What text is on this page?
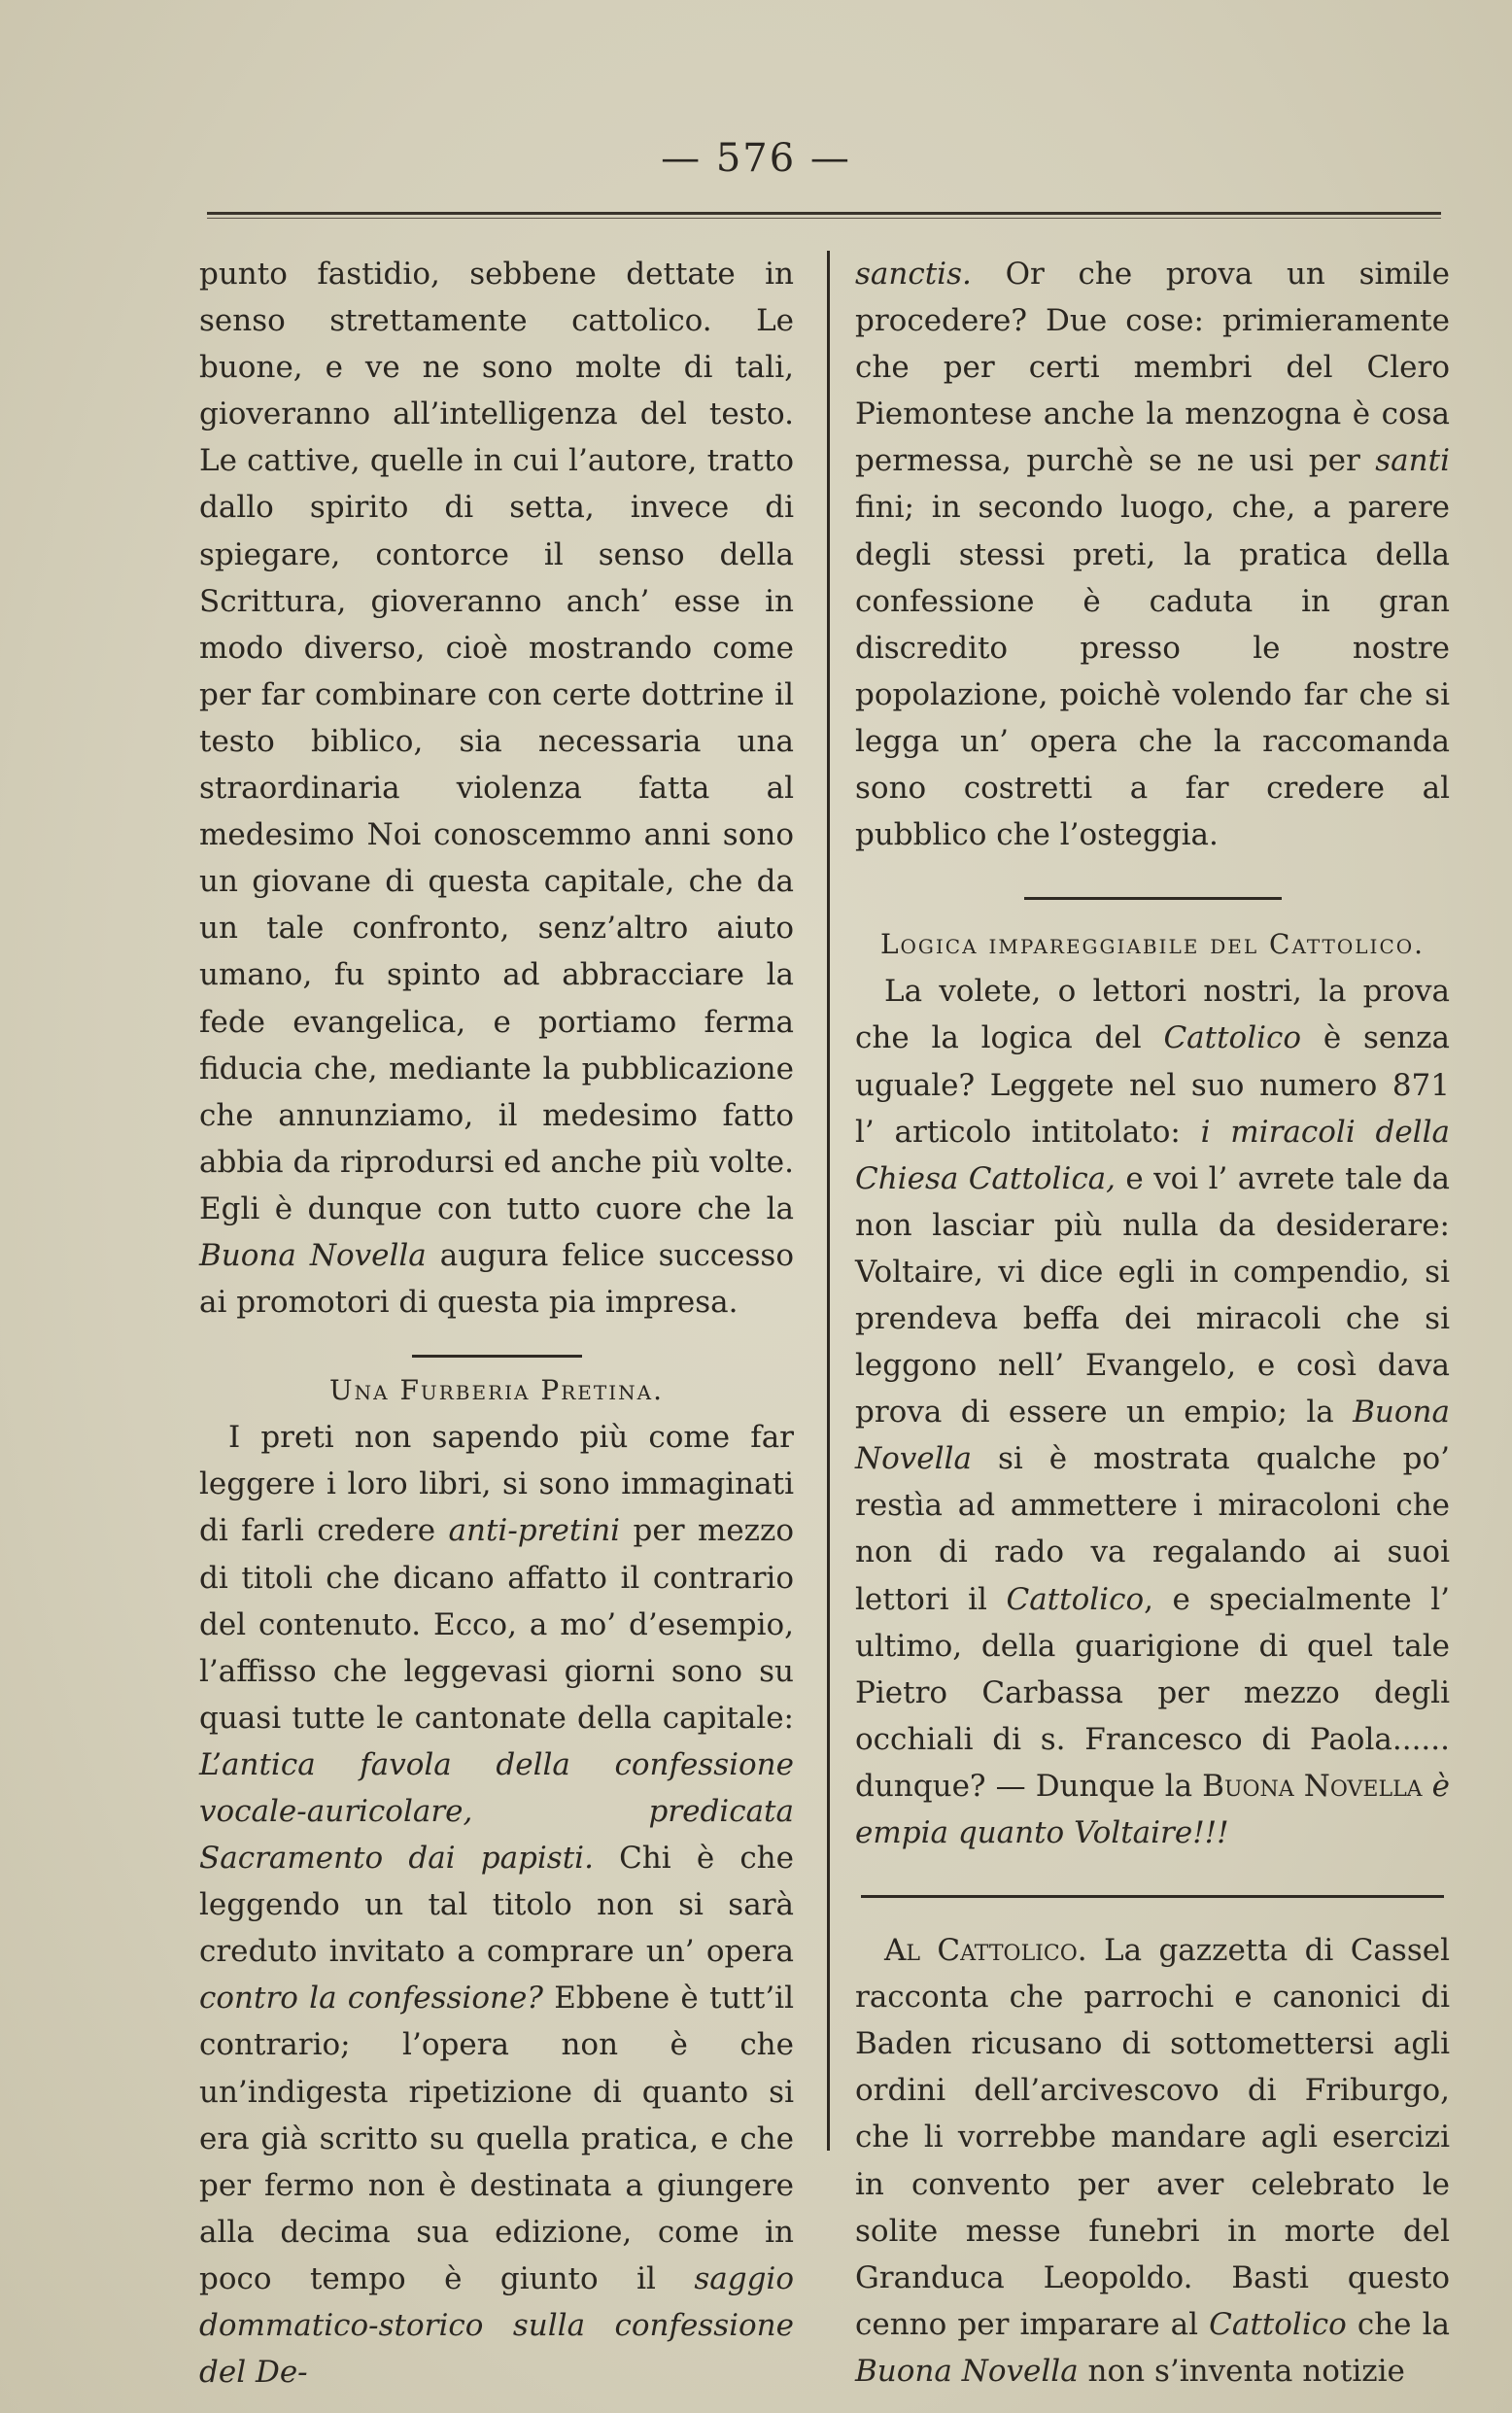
— 576 —

punto fastidio, sebbene dettate in senso strettamente cattolico. Le buone, e ve ne sono molte di tali, gioveranno all’intelligenza del testo. Le cattive, quelle in cui l’autore, tratto dallo spirito di setta, invece di spiegare, contorce il senso della Scrittura, gioveranno anch’ esse in modo diverso, cioè mostrando come per far combinare con certe dottrine il testo biblico, sia necessaria una straordinaria violenza fatta al medesimo Noi conoscemmo anni sono un giovane di questa capitale, che da un tale confronto, senz’altro aiuto umano, fu spinto ad abbracciare la fede evangelica, e portiamo ferma fiducia che, mediante la pubblicazione che annunziamo, il medesimo fatto abbia da riprodursi ed anche più volte. Egli è dunque con tutto cuore che la Buona Novella augura felice successo ai promotori di questa pia impresa.

Una Furberia Pretina.

I preti non sapendo più come far leggere i loro libri, si sono immaginati di farli credere anti-pretini per mezzo di titoli che dicano affatto il contrario del contenuto. Ecco, a mo’ d’esempio, l’affisso che leggevasi giorni sono su quasi tutte le cantonate della capitale: L’antica favola della confessione vocale-auricolare, predicata Sacramento dai papisti. Chi è che leggendo un tal titolo non si sarà creduto invitato a comprare un’ opera contro la confessione? Ebbene è tutt’il contrario; l’opera non è che un’indigesta ripetizione di quanto si era già scritto su quella pratica, e che per fermo non è destinata a giungere alla decima sua edizione, come in poco tempo è giunto il saggio dommatico-storico sulla confessione del De-

sanctis. Or che prova un simile procedere? Due cose: primieramente che per certi membri del Clero Piemontese anche la menzogna è cosa permessa, purchè se ne usi per santi fini; in secondo luogo, che, a parere degli stessi preti, la pratica della confessione è caduta in gran discredito presso le nostre popolazione, poichè volendo far che si legga un’ opera che la raccomanda sono costretti a far credere al pubblico che l’osteggia.

Logica impareggiabile del Cattolico.

La volete, o lettori nostri, la prova che la logica del Cattolico è senza uguale? Leggete nel suo numero 871 l’ articolo intitolato: i miracoli della Chiesa Cattolica, e voi l’ avrete tale da non lasciar più nulla da desiderare: Voltaire, vi dice egli in compendio, si prendeva beffa dei miracoli che si leggono nell’ Evangelo, e così dava prova di essere un empio; la Buona Novella si è mostrata qualche po’ restìa ad ammettere i miracoloni che non di rado va regalando ai suoi lettori il Cattolico, e specialmente l’ ultimo, della guarigione di quel tale Pietro Carbassa per mezzo degli occhiali di s. Francesco di Paola...... dunque? — Dunque la Buona Novella è empia quanto Voltaire!!!

Al Cattolico. La gazzetta di Cassel racconta che parrochi e canonici di Baden ricusano di sottomettersi agli ordini dell’arcivescovo di Friburgo, che li vorrebbe mandare agli esercizi in convento per aver celebrato le solite messe funebri in morte del Granduca Leopoldo. Basti questo cenno per imparare al Cattolico che la Buona Novella non s’inventa notizie
